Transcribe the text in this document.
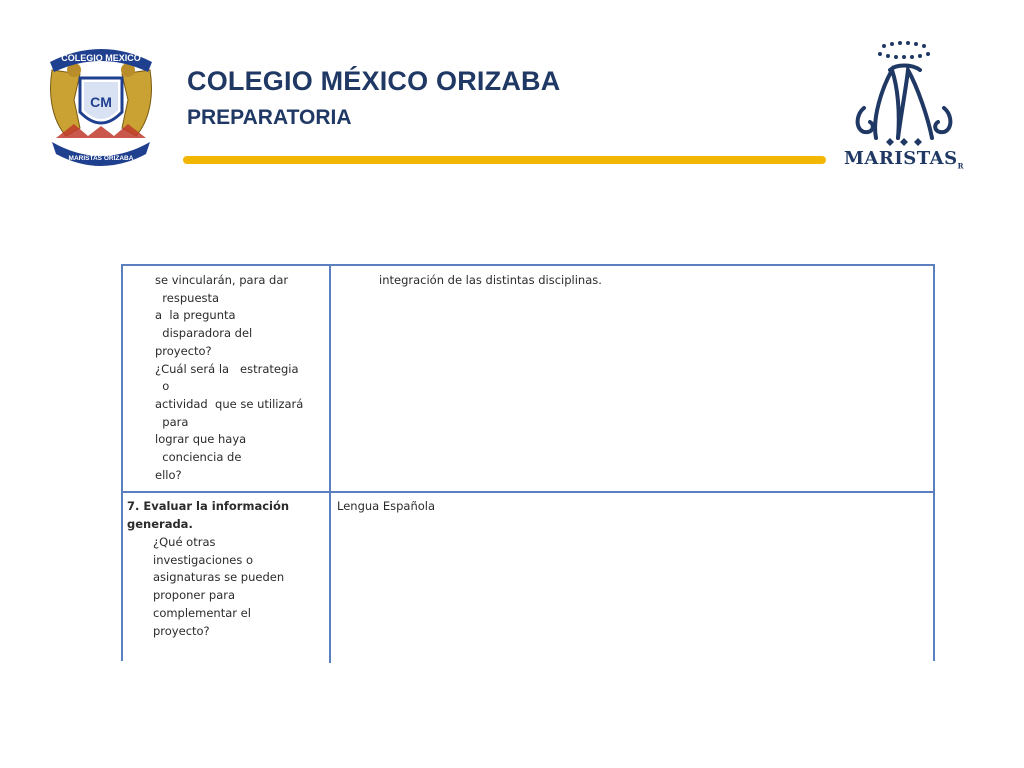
COLEGIO MEXICO
CM
MARISTAS ORIZABA
COLEGIO MÉXICO ORIZABA
PREPARATORIA
$MARISTAS_R$
se vincularán, para dar
respuesta
a  la pregunta
disparadora del
proyecto?
¿Cuál será la   estrategia
o
actividad  que se utilizará
para
lograr que haya
conciencia de
ello?
integración de las distintas disciplinas.
7. Evaluar la información
generada.
¿Qué otras
investigaciones o
asignaturas se pueden
proponer para
complementar el
proyecto?
Lengua Española
